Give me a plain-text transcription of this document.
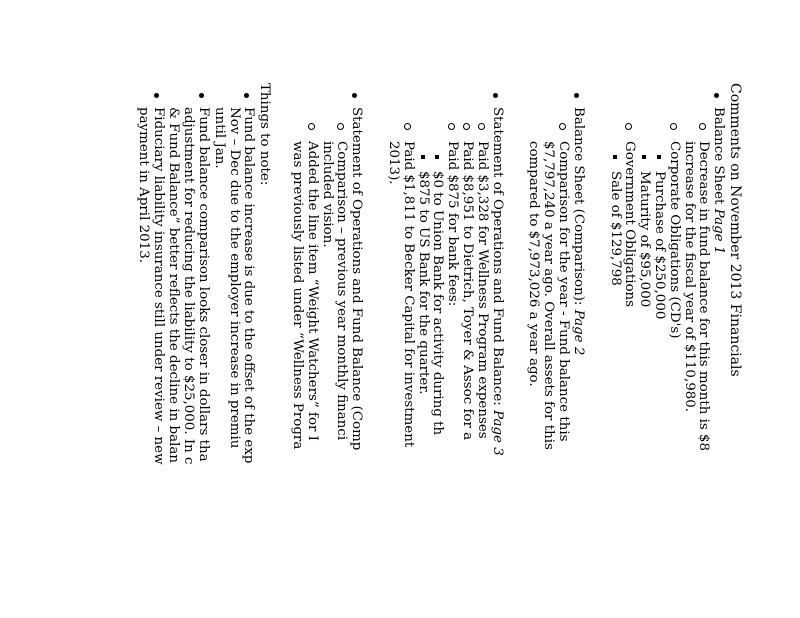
Comments on November 2013 Financials
Balance Sheet Page 1
Decrease in fund balance for this month is $8
increase for the fiscal year of $110,980.
Corporate Obligations (CD's)
Purchase of $250,000
Maturity of $95,000
Government Obligations
Sale of $129,798
Balance Sheet (Comparison): Page 2
Comparison for the year - Fund balance this
$7,797,240 a year ago. Overall assets for this
compared to $7,973,026 a year ago.
Statement of Operations and Fund Balance: Page 3
Paid $3,328 for Wellness Program expenses
Paid $8,951 to Dietrich, Toyer & Assoc for a
Paid $875 for bank fees:
$0 to Union Bank for activity during th
$875 to US Bank for the quarter.
Paid $1,811 to Becker Capital for investment
2013).
Statement of Operations and Fund Balance (Comp
Comparison – previous year monthly financi
included vision.
Added the line item “Weight Watchers” for I
was previously listed under “Wellness Progra
Things to note:
Fund balance increase is due to the offset of the exp
Nov – Dec due to the employer increase in premiu
until Jan.
Fund balance comparison looks closer in dollars tha
adjustment for reducing the liability to $25,000. In c
& Fund Balance” better reflects the decline in balan
Fiduciary liability insurance still under review – new
payment in April 2013.
